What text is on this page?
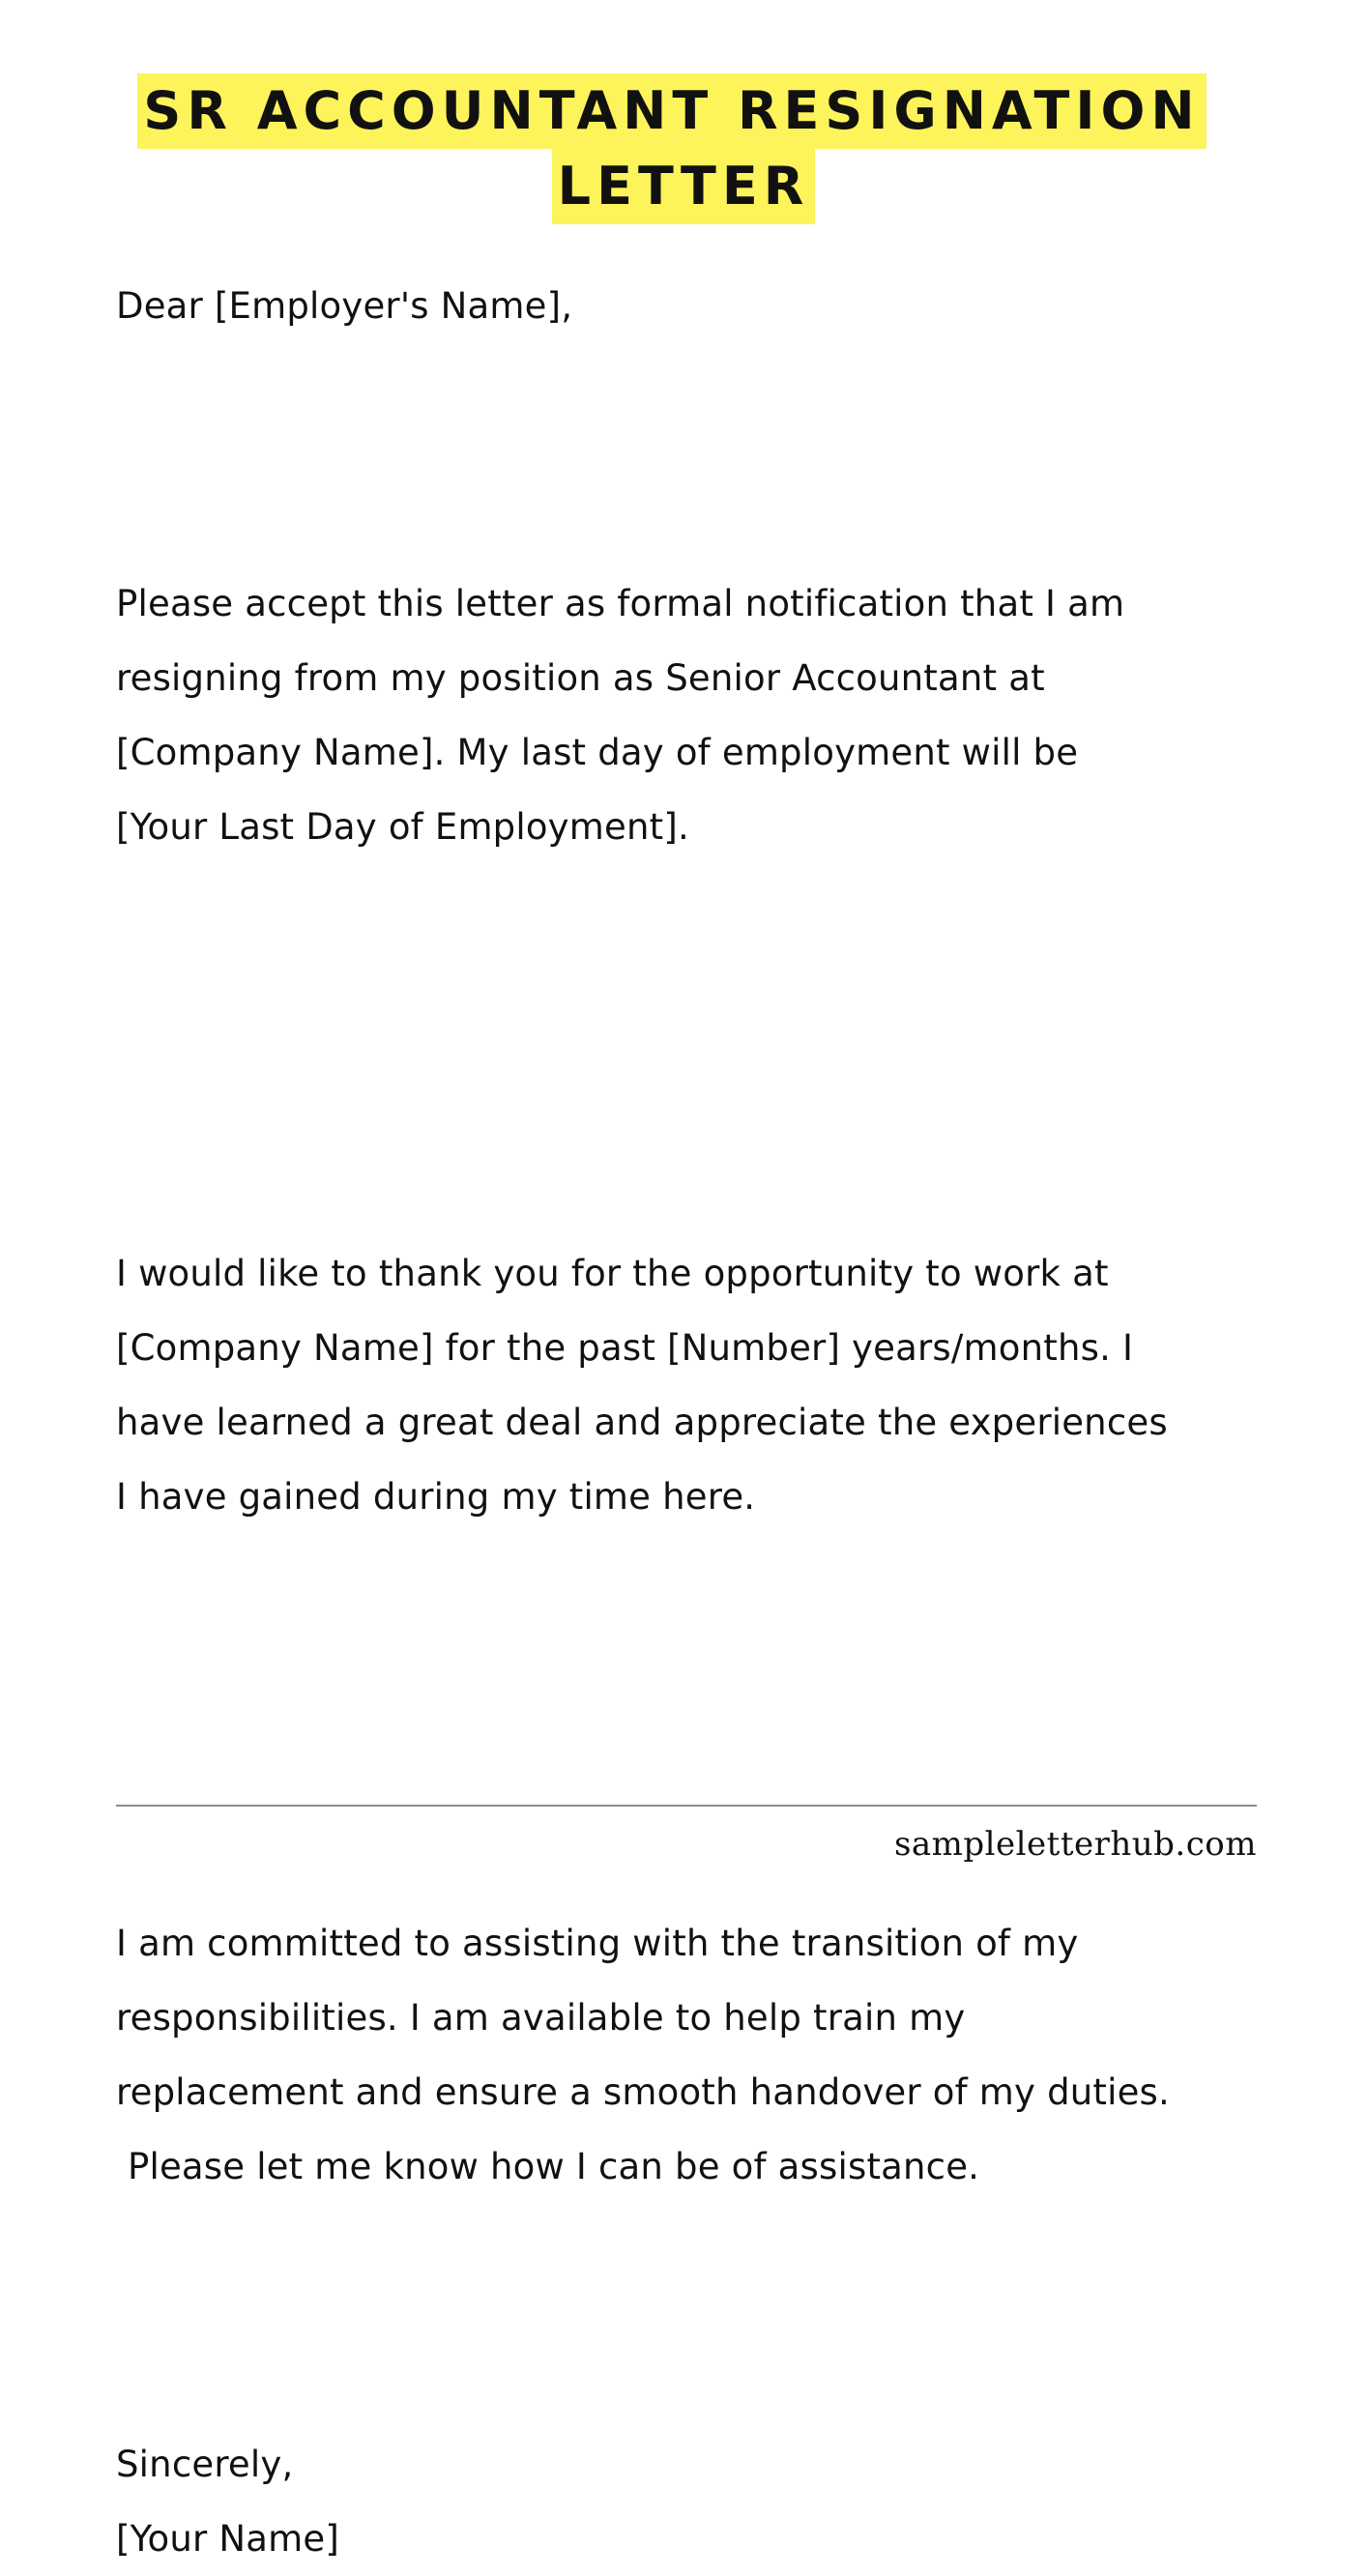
SR ACCOUNTANT RESIGNATION
LETTER

Dear [Employer's Name],

Please accept this letter as formal notification that I am
resigning from my position as Senior Accountant at
[Company Name]. My last day of employment will be
[Your Last Day of Employment].

I would like to thank you for the opportunity to work at
[Company Name] for the past [Number] years/months. I
have learned a great deal and appreciate the experiences
I have gained during my time here.

I am committed to assisting with the transition of my
responsibilities. I am available to help train my
replacement and ensure a smooth handover of my duties.
Please let me know how I can be of assistance.

Sincerely,
[Your Name]

sampleletterhub.com
